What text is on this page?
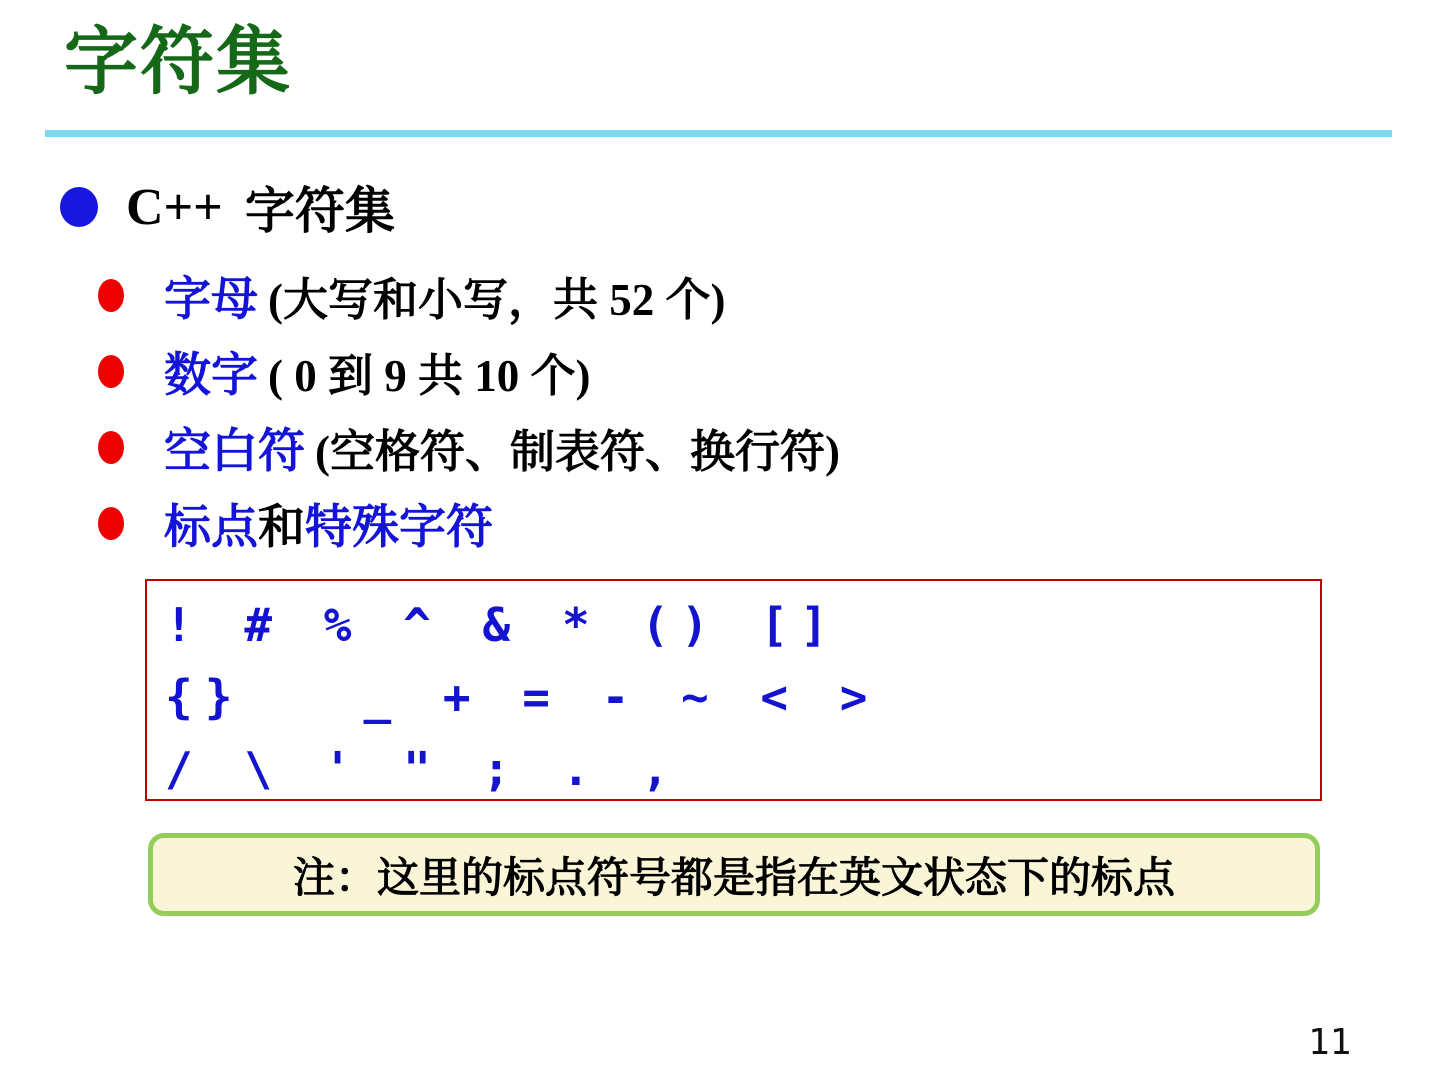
字符集
C++ 字符集
字母 (大写和小写，共 52 个)
数字 ( 0 到 9 共 10 个)
空白符 (空格符、制表符、换行符)
标点 和 特殊字符
! # % ^ & * () []
{}   _ + = - ~ < >
/ \ ' " ; . ,
注：这里的标点符号都是指在英文状态下的标点
11
